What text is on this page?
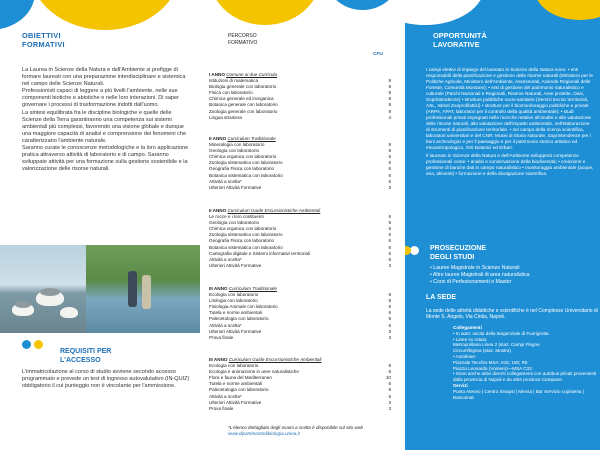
OBIETTIVI
FORMATIVI

La Laurea in Scienze della Natura e dell'Ambiente si prefigge di formare laureati con una preparazione interdisciplinare e sistemica nel campo delle Scienze Naturali.

Professionisti capaci di leggere a più livelli l'ambiente, nelle sue componenti biotiche e abiotiche e nelle loro interazioni. Di saper governare i processi di trasformazione indotti dall'uomo.

La sintesi equilibrata fra le discipline biologiche e quelle delle Scienze della Terra garantiranno una competenza sui sistemi ambientali più complessi, favorendo una visione globale e dunque una maggiore capacità di analisi e comprensione dei fenomeni che caratterizzano l'ambiente naturale.

Saranno curate le conoscenze metodologiche e la loro applicazione pratica attraverso attività di laboratorio e di campo. Saranno sviluppate attività per una formazione sulla gestione sostenibile e la valorizzazione delle risorse naturali.

REQUISITI PER
L'ACCESSO
L'immatricolazione al corso di studio avviene secondo accesso programmato e prevede un test di ingresso autovalutativo (IN-QUIZ) obbligatorio il cui punteggio non è vincolante per l'ammissione.
PERCORSO
FORMATIVO
CFU
I ANNO Comune ai due Curricula
Istituzioni di matematica	9
Biologia generale con laboratorio	9
Fisica con laboratorio	9
Chimica generale ed inorganica	8
Botanica generale con laboratorio	9
Zoologia generale con laboratorio	9
Lingua straniera	4
II ANNO Curriculum Tradizionale
Mineralogia con laboratorio	9
Geologia con laboratorio	9
Chimica organica con laboratorio	6
Zoologia sistematica con laboratorio	6
Geografia Fisica con laboratorio	6
Botanica sistematica con laboratorio	6
Attività a scelta*	6
Ulteriori Attività Formative	3
II ANNO Curriculum Guide Escursionistiche Ambientali
Le rocce e i loro costituenti	6
Geologia con laboratorio	9
Chimica organica con laboratorio	6
Zoologia sistematica con laboratorio	6
Geografia Fisica con laboratorio	6
Botanica sistematica con laboratorio	6
Cartografia digitale e Sistemi informativi territoriali	6
Attività a scelta*	6
Ulteriori Attività Formative	3
III ANNO Curriculum Tradizionale
Ecologia con laboratorio	9
Litologia con laboratorio	9
Fisiologia Animale con laboratorio	9
Tutela e norme ambientali	6
Paleontologia con laboratorio	9
Attività a scelta*	6
Ulteriori Attività Formative	3
Prova finale	3
III ANNO Curriculum Guide Escursionistiche Ambientali
Ecologia con laboratorio	9
Ecologia e animazione in aree naturalistiche	6
Flora e fauna del Mediterraneo	10
Tutela e norme ambientali	6
Paleontologia con laboratorio	9
Attività a scelta*	6
Ulteriori Attività Formative	3
Prova finale	3
*L'elenco dettagliato degli esami a scelta è disponibile sul sito web
www.dipartimentodibiologia.unina.it
OPPORTUNITÀ
LAVORATIVE

I campi elettivi di impiego del laureato in Scienze della Natura sono: • enti responsabili della pianificazione e gestione delle risorse naturali (Ministero per le Politiche Agricole, Ministero dell'Ambiente, Assessorati, Aziende Regionali delle Foreste, Comunità Montane); • enti di gestione del patrimonio naturalistico e culturale (Parchi Nazionali e Regionali, Riserve Naturali, Aree protette, Oasi, Soprintendenze) • strutture pubbliche socio-sanitarie (Servizi tecnici territoriali, ASL, Istituti Zooprofilattici) • strutture per il biomonitoraggio pubbliche e private (ARPA, APAT, laboratori per il controllo della qualità ambientale); • studi professionali privati impegnati nelle ricerche relative all'analisi e alla valutazione delle risorse naturali, alla valutazione dell'impatto ambientale, nell'elaborazione di strumenti di pianificazione territoriale. • nel campo della ricerca scientifica, laboratori universitari e del CNR; Musei di Storia Naturale, Soprintendenze per i beni archeologici e per il paesaggio e per il patrimonio storico artistico ed etnoantropologico, Orti Botanici ed Erbari.

Il laureato in Scienze della Natura e dell'Ambiente svilupperà competenze professionali come: • analisi e conservazione della biodiversità; • creazione e gestione di banche dati in campo naturalistico • monitoraggio ambientale (acque, aria, alimenti) • formazione e della divulgazione scientifica.

PROSECUZIONE
DEGLI STUDI
• Lauree Magistrale in Scienze Naturali
• Altre lauree Magistrali di area naturalistica
• Corsi di Perfezionamenti e Master
LA SEDE
La sede delle attività didattiche e scientifiche è nel Complesso Universitario di Monte S. Angelo, Via Cintia, Napoli.
Collegamenti
• In auto: uscita della tangenziale di Fuorigrotta
• Linee su rotaia:
Metropolitana Linea 2 (staz. Campi Flegrei
Circumflegrea (staz. Mostra)
• Autolinee:
Piazzale Tecchio-MSA: 615; 180; R6
Piazza Leonardo (Vomero)—MSA C33
• Sono anche attivi diversi collegamenti con autobus privati provenienti dalla provincia di Napoli e da altre province Campane.
Servizi
Punto Ateneo | Centro Sinapsi | Mensa | Bar Servizio copisteria | Bancomat
